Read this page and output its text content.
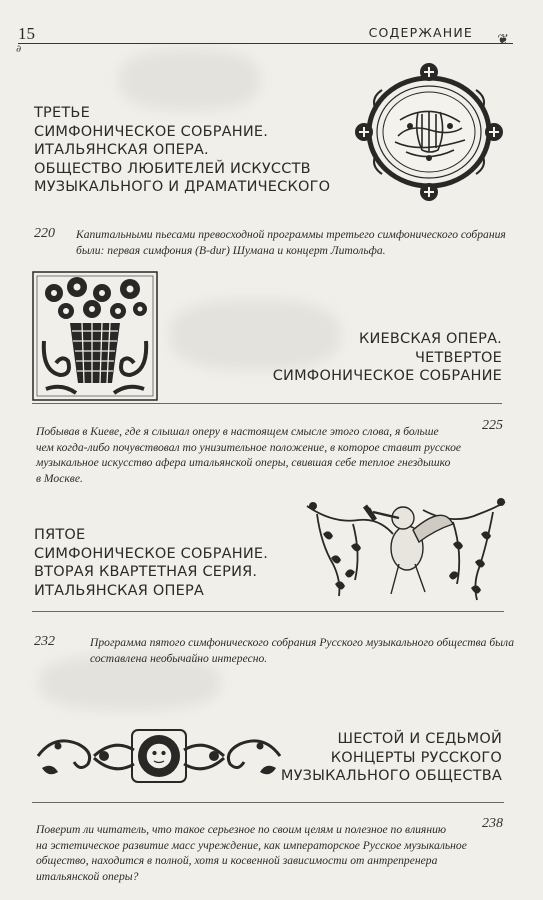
15	СОДЕРЖАНИЕ ❦
∂
ТРЕТЬЕ
СИМФОНИЧЕСКОЕ СОБРАНИЕ.
ИТАЛЬЯНСКАЯ ОПЕРА.
ОБЩЕСТВО ЛЮБИТЕЛЕЙ ИСКУССТВ
МУЗЫКАЛЬНОГО И ДРАМАТИЧЕСКОГО
220 Капитальными пьесами превосходной программы третьего симфонического собрания
были: первая симфония (B-dur) Шумана и концерт Литольфа.
КИЕВСКАЯ ОПЕРА.
ЧЕТВЕРТОЕ
СИМФОНИЧЕСКОЕ СОБРАНИЕ
Побывав в Киеве, где я слышал оперу в настоящем смысле этого слова, я больше
чем когда-либо почувствовал то унизительное положение, в которое ставит русское
музыкальное искусство афера итальянской оперы, свившая себе теплое гнездышко
в Москве.
225
ПЯТОЕ
СИМФОНИЧЕСКОЕ СОБРАНИЕ.
ВТОРАЯ КВАРТЕТНАЯ СЕРИЯ.
ИТАЛЬЯНСКАЯ ОПЕРА
232	Программа пятого симфонического собрания Русского музыкального общества была
составлена необычайно интересно.
ШЕСТОЙ И СЕДЬМОЙ
КОНЦЕРТЫ РУССКОГО
МУЗЫКАЛЬНОГО ОБЩЕСТВА
Поверит ли читатель, что такое серьезное по своим целям и полезное по влиянию
на эстетическое развитие масс учреждение, как императорское Русское музыкальное
общество, находится в полной, хотя и косвенной зависимости от антрепренера
итальянской оперы?
238
